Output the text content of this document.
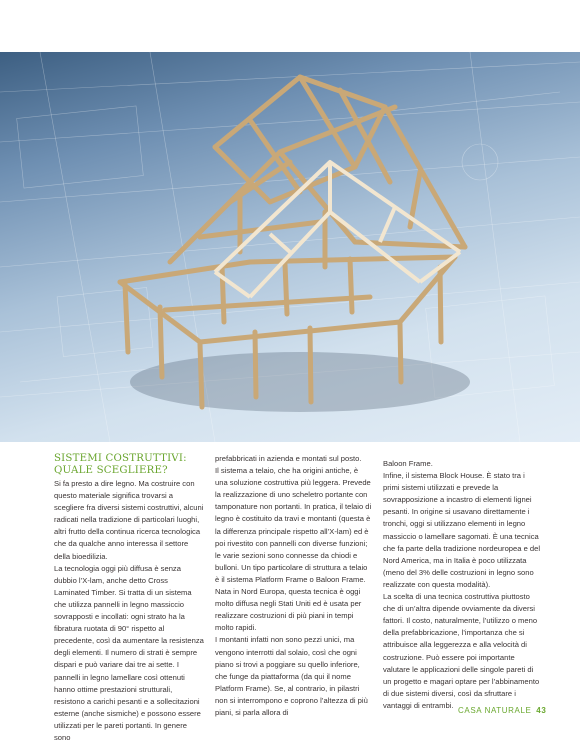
SISTEMI COSTRUTTIVI:
QUALE SCEGLIERE?

Si fa presto a dire legno. Ma costruire con questo materiale significa trovarsi a scegliere fra diversi sistemi costruttivi, alcuni radicati nella tradizione di particolari luoghi, altri frutto della continua ricerca tecnologica che da qualche anno interessa il settore della bioedilizia.

La tecnologia oggi più diffusa è senza dubbio l’X-lam, anche detto Cross Laminated Timber. Si tratta di un sistema che utilizza pannelli in legno massiccio sovrapposti e incollati: ogni strato ha la fibratura ruotata di 90° rispetto al precedente, così da aumentare la resistenza degli elementi. Il numero di strati è sempre dispari e può variare dai tre ai sette. I pannelli in legno lamellare così ottenuti hanno ottime prestazioni strutturali, resistono a carichi pesanti e a sollecitazioni esterne (anche sismiche) e possono essere utilizzati per le pareti portanti. In genere sono

prefabbricati in azienda e montati sul posto.

Il sistema a telaio, che ha origini antiche, è una soluzione costruttiva più leggera. Prevede la realizzazione di uno scheletro portante con tamponature non portanti. In pratica, il telaio di legno è costituito da travi e montanti (questa è la differenza principale rispetto all’X-lam) ed è poi rivestito con pannelli con diverse funzioni; le varie sezioni sono connesse da chiodi e bulloni. Un tipo particolare di struttura a telaio è il sistema Platform Frame o Baloon Frame. Nata in Nord Europa, questa tecnica è oggi molto diffusa negli Stati Uniti ed è usata per realizzare costruzioni di più piani in tempi molto rapidi.

I montanti infatti non sono pezzi unici, ma vengono interrotti dal solaio, così che ogni piano si trovi a poggiare su quello inferiore, che funge da piattaforma (da qui il nome Platform Frame). Se, al contrario, in pilastri non si interrompono e coprono l’altezza di più piani, si parla allora di

Baloon Frame.

Infine, il sistema Block House. È stato tra i primi sistemi utilizzati e prevede la sovrapposizione a incastro di elementi lignei pesanti. In origine si usavano direttamente i tronchi, oggi si utilizzano elementi in legno massiccio o lamellare sagomati. È una tecnica che fa parte della tradizione nordeuropea e del Nord America, ma in Italia è poco utilizzata (meno del 3% delle costruzioni in legno sono realizzate con questa modalità).

La scelta di una tecnica costruttiva piuttosto che di un’altra dipende ovviamente da diversi fattori. Il costo, naturalmente, l’utilizzo o meno della prefabbricazione, l’importanza che si attribuisce alla leggerezza e alla velocità di costruzione. Può essere poi importante valutare le applicazioni delle singole pareti di un progetto e magari optare per l’abbinamento di due sistemi diversi, così da sfruttare i vantaggi di entrambi.

CASA NATURALE 43
